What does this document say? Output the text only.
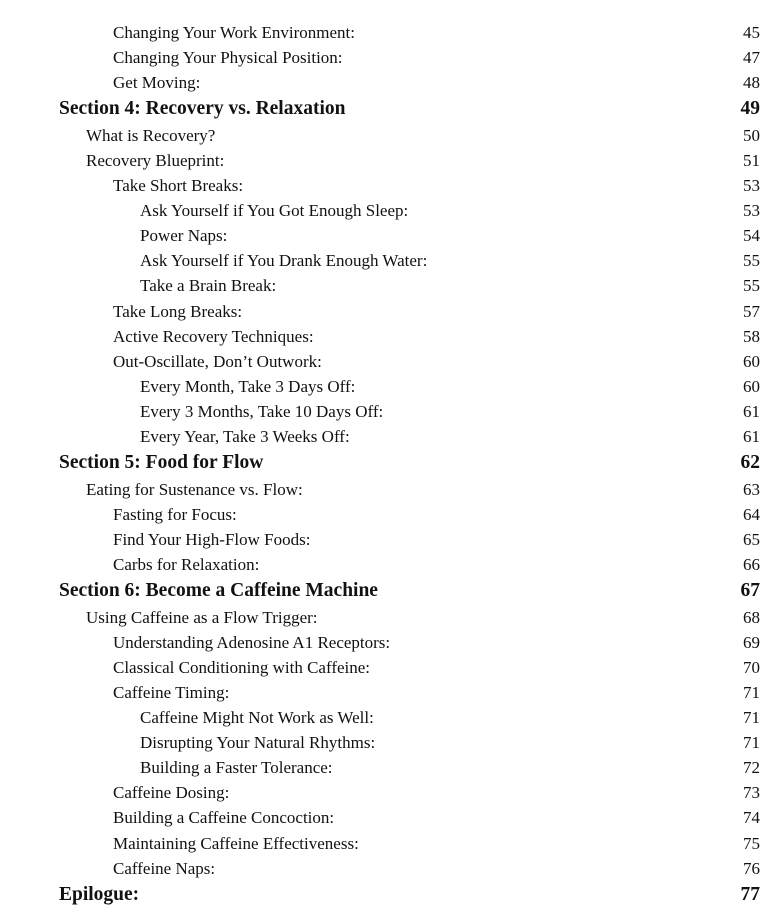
Changing Your Work Environment:	45
Changing Your Physical Position:	47
Get Moving:	48
Section 4: Recovery vs. Relaxation	49
What is Recovery?	50
Recovery Blueprint:	51
Take Short Breaks:	53
Ask Yourself if You Got Enough Sleep:	53
Power Naps:	54
Ask Yourself if You Drank Enough Water:	55
Take a Brain Break:	55
Take Long Breaks:	57
Active Recovery Techniques:	58
Out-Oscillate, Don’t Outwork:	60
Every Month, Take 3 Days Off:	60
Every 3 Months, Take 10 Days Off:	61
Every Year, Take 3 Weeks Off:	61
Section 5: Food for Flow	62
Eating for Sustenance vs. Flow:	63
Fasting for Focus:	64
Find Your High-Flow Foods:	65
Carbs for Relaxation:	66
Section 6: Become a Caffeine Machine	67
Using Caffeine as a Flow Trigger:	68
Understanding Adenosine A1 Receptors:	69
Classical Conditioning with Caffeine:	70
Caffeine Timing:	71
Caffeine Might Not Work as Well:	71
Disrupting Your Natural Rhythms:	71
Building a Faster Tolerance:	72
Caffeine Dosing:	73
Building a Caffeine Concoction:	74
Maintaining Caffeine Effectiveness:	75
Caffeine Naps:	76
Epilogue:	77
